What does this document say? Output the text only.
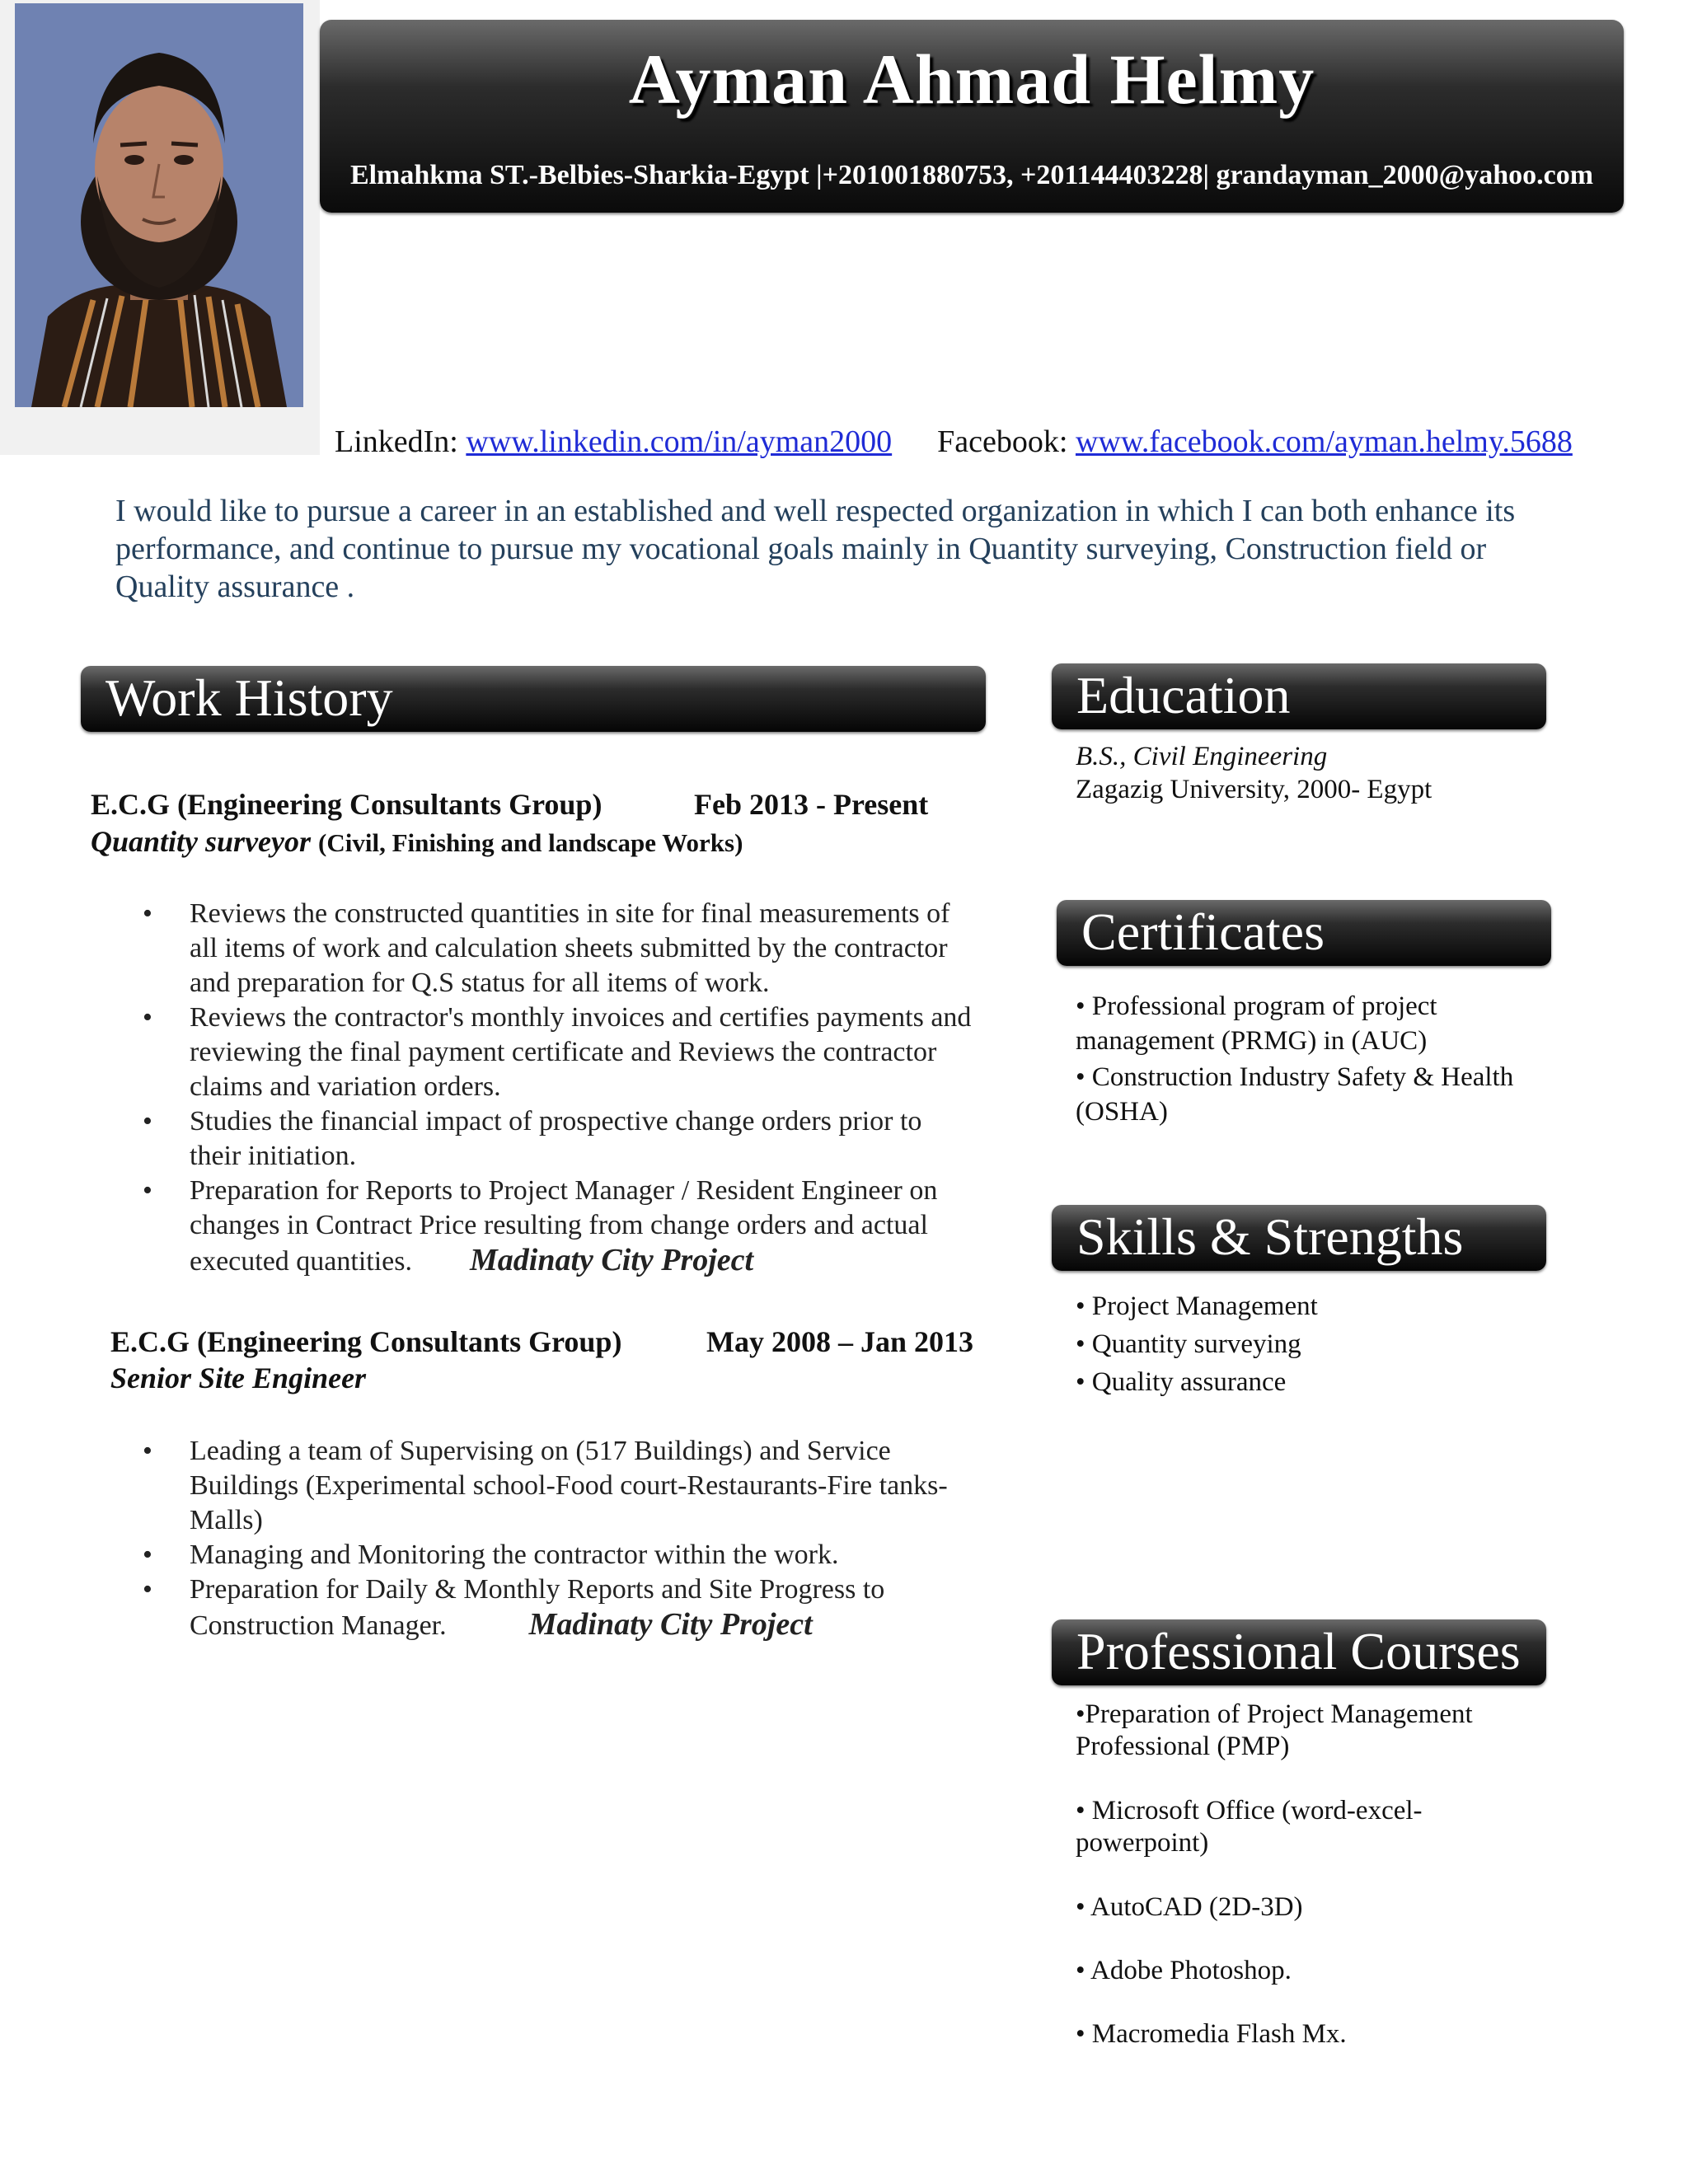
Ayman Ahmad Helmy
Elmahkma ST.-Belbies-Sharkia-Egypt |+201001880753, +201144403228| grandayman_2000@yahoo.com
LinkedIn: www.linkedin.com/in/ayman2000 Facebook: www.facebook.com/ayman.helmy.5688
I would like to pursue a career in an established and well respected organization in which I can both enhance its performance, and continue to pursue my vocational goals mainly in Quantity surveying, Construction field or Quality assurance .
Work History
E.C.G (Engineering Consultants Group)	Feb 2013 - Present
Quantity surveyor (Civil, Finishing and landscape Works)
• Reviews the constructed quantities in site for final measurements of all items of work and calculation sheets submitted by the contractor and preparation for Q.S status for all items of work.
• Reviews the contractor's monthly invoices and certifies payments and reviewing the final payment certificate and Reviews the contractor claims and variation orders.
• Studies the financial impact of prospective change orders prior to their initiation.
• Preparation for Reports to Project Manager / Resident Engineer on changes in Contract Price resulting from change orders and actual executed quantities. Madinaty City Project
E.C.G (Engineering Consultants Group)	May 2008 – Jan 2013
Senior Site Engineer
• Leading a team of Supervising on (517 Buildings) and Service Buildings (Experimental school-Food court-Restaurants-Fire tanks-Malls)
• Managing and Monitoring the contractor within the work.
• Preparation for Daily & Monthly Reports and Site Progress to Construction Manager.	Madinaty City Project
Education
B.S., Civil Engineering
Zagazig University, 2000- Egypt
Certificates
• Professional program of project management (PRMG) in (AUC)
• Construction Industry Safety & Health (OSHA)
Skills & Strengths
• Project Management
• Quantity surveying
• Quality assurance
Professional Courses
•Preparation of Project Management Professional (PMP)
• Microsoft Office (word-excel-powerpoint)
• AutoCAD (2D-3D)
• Adobe Photoshop.
• Macromedia Flash Mx.
